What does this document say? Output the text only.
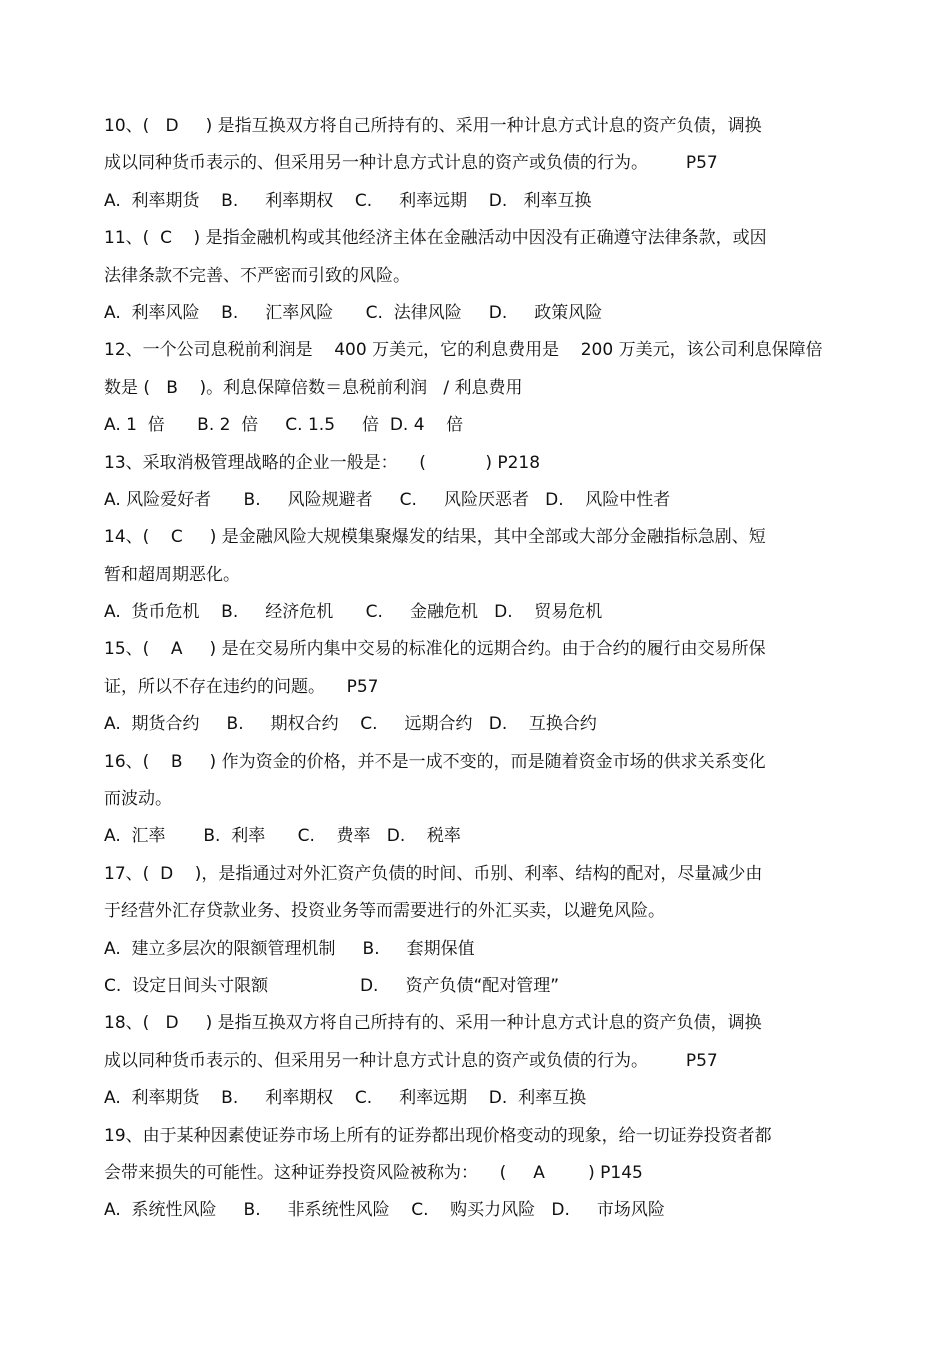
10、(   D     ) 是指互换双方将自己所持有的、采用一种计息方式计息的资产负债，调换
成以同种货币表示的、但采用另一种计息方式计息的资产或负债的行为。       P57
A.  利率期货    B.     利率期权    C.     利率远期    D.   利率互换
11、(  C    ) 是指金融机构或其他经济主体在金融活动中因没有正确遵守法律条款，或因
法律条款不完善、不严密而引致的风险。
A.  利率风险    B.     汇率风险      C.  法律风险     D.     政策风险
12、一个公司息税前利润是    400 万美元，它的利息费用是    200 万美元，该公司利息保障倍
数是 (   B    )。利息保障倍数＝息税前利润   / 利息费用
A. 1  倍      B. 2  倍     C. 1.5     倍  D. 4    倍
13、采取消极管理战略的企业一般是：    (           ) P218
A. 风险爱好者      B.     风险规避者     C.     风险厌恶者   D.    风险中性者
14、(    C     ) 是金融风险大规模集聚爆发的结果，其中全部或大部分金融指标急剧、短
暂和超周期恶化。
A.  货币危机    B.     经济危机      C.     金融危机   D.    贸易危机
15、(    A     ) 是在交易所内集中交易的标准化的远期合约。由于合约的履行由交易所保
证，所以不存在违约的问题。    P57
A.  期货合约     B.     期权合约    C.     远期合约   D.    互换合约
16、(    B     ) 作为资金的价格，并不是一成不变的，而是随着资金市场的供求关系变化
而波动。
A.  汇率       B.  利率      C.    费率   D.    税率
17、(  D    )，是指通过对外汇资产负债的时间、币别、利率、结构的配对，尽量减少由
于经营外汇存贷款业务、投资业务等而需要进行的外汇买卖，以避免风险。
A.  建立多层次的限额管理机制     B.     套期保值
C.  设定日间头寸限额                 D.     资产负债“配对管理”
18、(   D     ) 是指互换双方将自己所持有的、采用一种计息方式计息的资产负债，调换
成以同种货币表示的、但采用另一种计息方式计息的资产或负债的行为。       P57
A.  利率期货    B.     利率期权    C.     利率远期    D.  利率互换
19、由于某种因素使证券市场上所有的证券都出现价格变动的现象，给一切证券投资者都
会带来损失的可能性。这种证券投资风险被称为：    (     A        ) P145
A.  系统性风险     B.     非系统性风险    C.    购买力风险   D.     市场风险
